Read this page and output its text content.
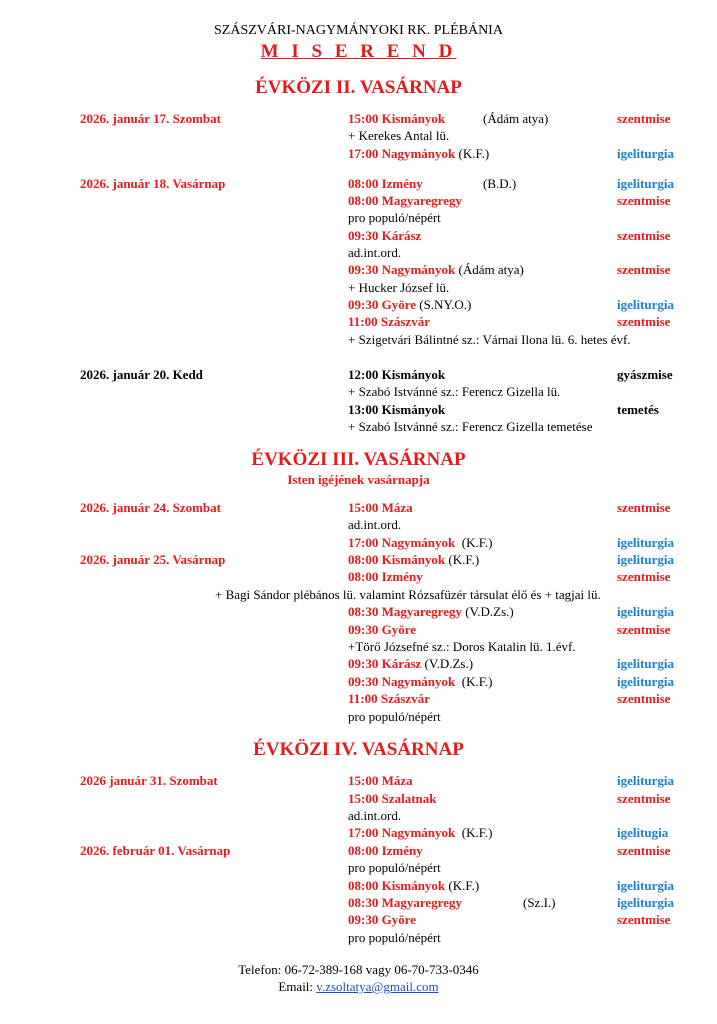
SZÁSZVÁRI-NAGYMÁNYOKI RK. PLÉBÁNIA
M I S E R E N D
ÉVKÖZI II. VASÁRNAP
2026. január 17. Szombat	15:00 Kismányok	(Ádám atya)	szentmise
+ Kerekes Antal lü.
17:00 Nagymányok (K.F.)	igeliturgia
2026. január 18. Vasárnap	08:00 Izmény	(B.D.)	igeliturgia
08:00 Magyaregregy	szentmise
pro populó/népért
09:30 Kárász	szentmise
ad.int.ord.
09:30 Nagymányok (Ádám atya)	szentmise
+ Hucker József lü.
09:30 Györe (S.NY.O.)	igeliturgia
11:00 Szászvár	szentmise
+ Szigetvári Bálintné sz.: Várnai Ilona lü. 6. hetes évf.
2026. január 20. Kedd	12:00 Kismányok	gyászmise
+ Szabó Istvánné sz.: Ferencz Gizella lü.
13:00 Kismányok	temetés
+ Szabó Istvánné sz.: Ferencz Gizella temetése
ÉVKÖZI III. VASÁRNAP
Isten igéjének vasárnapja
2026. január 24. Szombat	15:00 Máza	szentmise
ad.int.ord.
17:00 Nagymányok (K.F.)	igeliturgia
2026. január 25. Vasárnap	08:00 Kismányok (K.F.)	igeliturgia
08:00 Izmény	szentmise
+ Bagi Sándor plébános lü. valamint Rózsafüzér társulat élő és + tagjai lü.
08:30 Magyaregregy (V.D.Zs.)	igeliturgia
09:30 Györe	szentmise
+Törő Józsefné sz.: Doros Katalin lü. 1.évf.
09:30 Kárász (V.D.Zs.)	igeliturgia
09:30 Nagymányok (K.F.)	igeliturgia
11:00 Szászvár	szentmise
pro populó/népért
ÉVKÖZI IV. VASÁRNAP
2026 január 31. Szombat	15:00 Máza	igeliturgia
15:00 Szalatnak	szentmise
ad.int.ord.
17:00 Nagymányok (K.F.)	igelitugia
2026. február 01. Vasárnap	08:00 Izmény	szentmise
pro populó/népért
08:00 Kismányok (K.F.)	igeliturgia
08:30 Magyaregregy	(Sz.I.)	igeliturgia
09:30 Györe	szentmise
pro populó/népért
Telefon: 06-72-389-168 vagy 06-70-733-0346
Email: v.zsoltatya@gmail.com
